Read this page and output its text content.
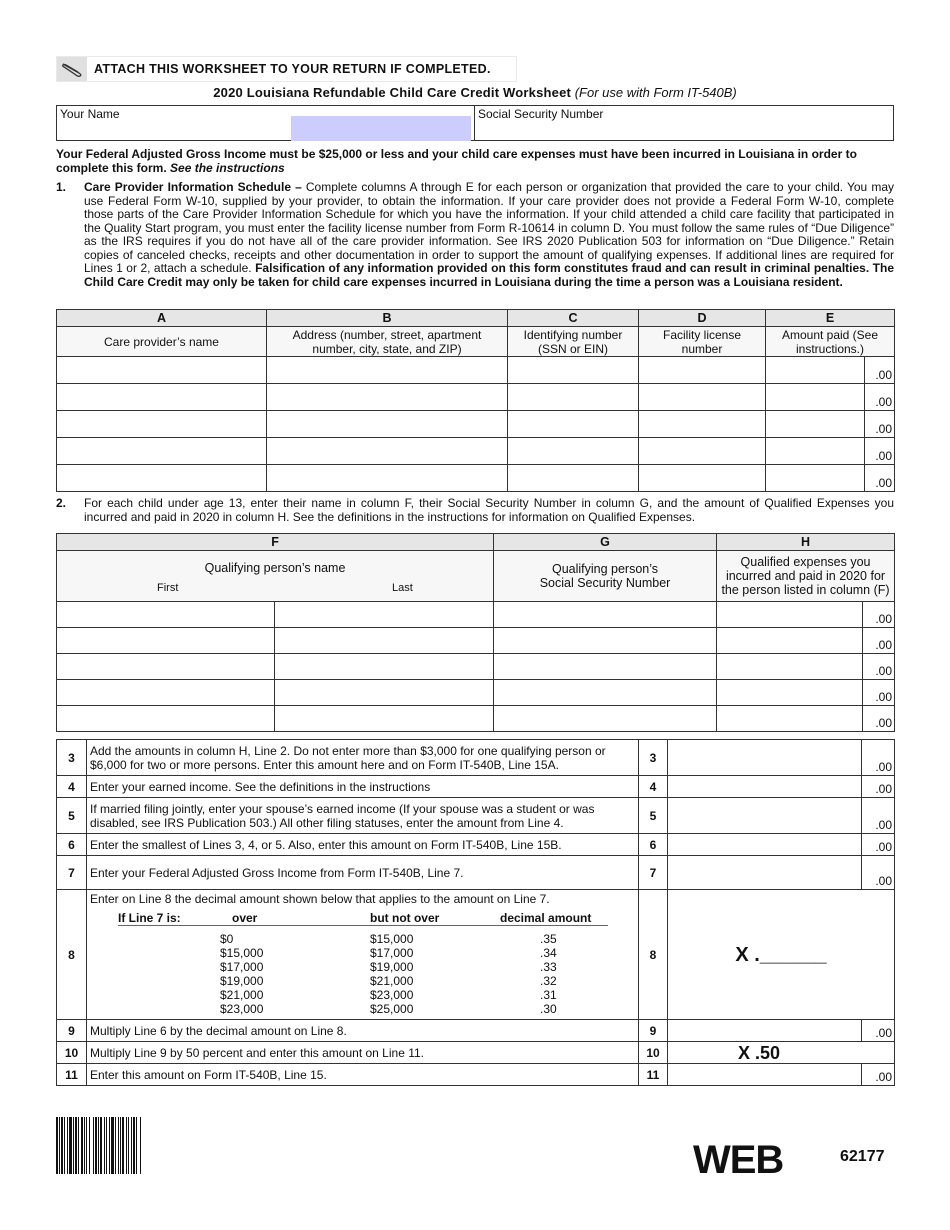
ATTACH THIS WORKSHEET TO YOUR RETURN IF COMPLETED.
2020 Louisiana Refundable Child Care Credit Worksheet (For use with Form IT-540B)
Your Name	Social Security Number
Your Federal Adjusted Gross Income must be $25,000 or less and your child care expenses must have been incurred in Louisiana in order to complete this form. See the instructions
1. Care Provider Information Schedule – Complete columns A through E for each person or organization that provided the care to your child. You may use Federal Form W-10, supplied by your provider, to obtain the information. If your care provider does not provide a Federal Form W-10, complete those parts of the Care Provider Information Schedule for which you have the information. If your child attended a child care facility that participated in the Quality Start program, you must enter the facility license number from Form R-10614 in column D. You must follow the same rules of “Due Diligence” as the IRS requires if you do not have all of the care provider information. See IRS 2020 Publication 503 for information on “Due Diligence.” Retain copies of canceled checks, receipts and other documentation in order to support the amount of qualifying expenses. If additional lines are required for Lines 1 or 2, attach a schedule. Falsification of any information provided on this form constitutes fraud and can result in criminal penalties. The Child Care Credit may only be taken for child care expenses incurred in Louisiana during the time a person was a Louisiana resident.
A	B	C	D	E	
Care provider’s name	Address (number, street, apartment number, city, state, and ZIP)	Identifying number (SSN or EIN)	Facility license number	Amount paid (See instructions.)	
					.00
					.00
					.00
					.00
					.00
2. For each child under age 13, enter their name in column F, their Social Security Number in column G, and the amount of Qualified Expenses you incurred and paid in 2020 in column H. See the definitions in the instructions for information on Qualified Expenses.
F		G	H	

Qualifying person’s name
First Last		Qualifying person’s Social Security Number	Qualified expenses you incurred and paid in 2020 for the person listed in column (F)	
				.00
				.00
				.00
				.00
				.00
3	Add the amounts in column H, Line 2. Do not enter more than $3,000 for one qualifying person or $6,000 for two or more persons. Enter this amount here and on Form IT-540B, Line 15A.	3		.00
4	Enter your earned income. See the definitions in the instructions	4		.00
5	If married filing jointly, enter your spouse’s earned income (If your spouse was a student or was disabled, see IRS Publication 503.) All other filing statuses, enter the amount from Line 4.	5		.00
6	Enter the smallest of Lines 3, 4, or 5. Also, enter this amount on Form IT-540B, Line 15B.	6		.00
7	Enter your Federal Adjusted Gross Income from Form IT-540B, Line 7.	7		.00
8	
Enter on Line 8 the decimal amount shown below that applies to the amount on Line 7.
If Line 7 is:	over	but not over	decimal amount

	$0	$15,000	.35
	$15,000	$17,000	.34
	$17,000	$19,000	.33
	$19,000	$21,000	.32
	$21,000	$23,000	.31
	$23,000	$25,000	.30
	8	X .______
9	Multiply Line 6 by the decimal amount on Line 8.	9		.00
10	Multiply Line 9 by 50 percent and enter this amount on Line 11.	10	X .50
11	Enter this amount on Form IT-540B, Line 15.	11		.00
WEB	62177
